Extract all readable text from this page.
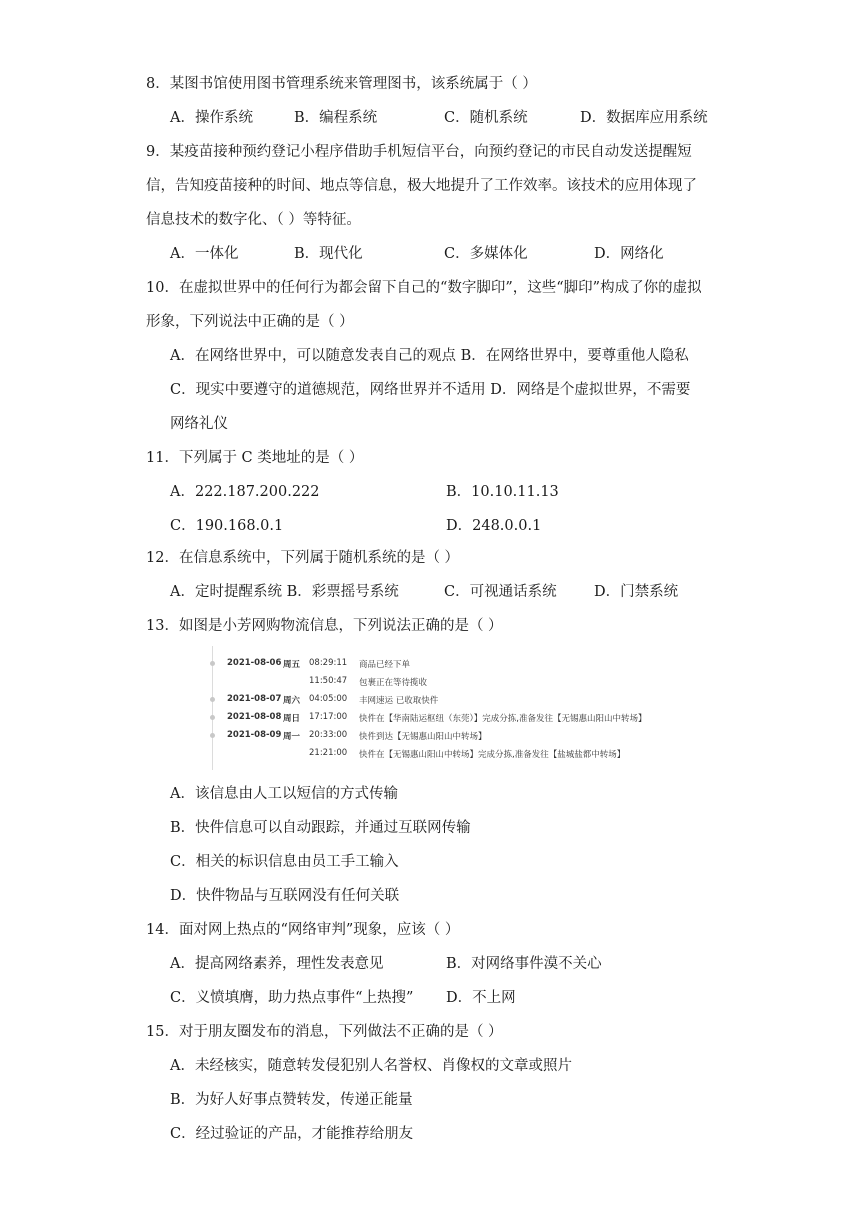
8．某图书馆使用图书管理系统来管理图书，该系统属于（ ）
A．操作系统	B．编程系统	C．随机系统	D．数据库应用系统
9．某疫苗接种预约登记小程序借助手机短信平台，向预约登记的市民自动发送提醒短
信，告知疫苗接种的时间、地点等信息，极大地提升了工作效率。该技术的应用体现了
信息技术的数字化、（ ）等特征。
A．一体化	B．现代化	C．多媒体化	D．网络化
10．在虚拟世界中的任何行为都会留下自己的“数字脚印”，这些“脚印”构成了你的虚拟
形象，下列说法中正确的是（ ）
A．在网络世界中，可以随意发表自己的观点 B．在网络世界中，要尊重他人隐私
C．现实中要遵守的道德规范，网络世界并不适用 D．网络是个虚拟世界，不需要
网络礼仪
11．下列属于 C 类地址的是（ ）
A．222.187.200.222	B．10.10.11.13
C．190.168.0.1	D．248.0.0.1
12．在信息系统中，下列属于随机系统的是（ ）
A．定时提醒系统 B．彩票摇号系统	C．可视通话系统	D．门禁系统
13．如图是小芳网购物流信息，下列说法正确的是（ ）
2021-08-06 周五 08:29:11 商品已经下单
11:50:47 包裹正在等待揽收
2021-08-07 周六 04:05:00 丰网速运 已收取快件
2021-08-08 周日 17:17:00 快件在【华南陆运枢纽（东莞）】完成分拣,准备发往【无锡惠山阳山中转场】
2021-08-09 周一 20:33:00 快件到达【无锡惠山阳山中转场】
21:21:00 快件在【无锡惠山阳山中转场】完成分拣,准备发往【盐城盐都中转场】
A．该信息由人工以短信的方式传输
B．快件信息可以自动跟踪，并通过互联网传输
C．相关的标识信息由员工手工输入
D．快件物品与互联网没有任何关联
14．面对网上热点的“网络审判”现象，应该（ ）
A．提高网络素养，理性发表意见	B．对网络事件漠不关心
C．义愤填膺，助力热点事件“上热搜” D．不上网
15．对于朋友圈发布的消息，下列做法不正确的是（ ）
A．未经核实，随意转发侵犯别人名誉权、肖像权的文章或照片
B．为好人好事点赞转发，传递正能量
C．经过验证的产品，才能推荐给朋友
